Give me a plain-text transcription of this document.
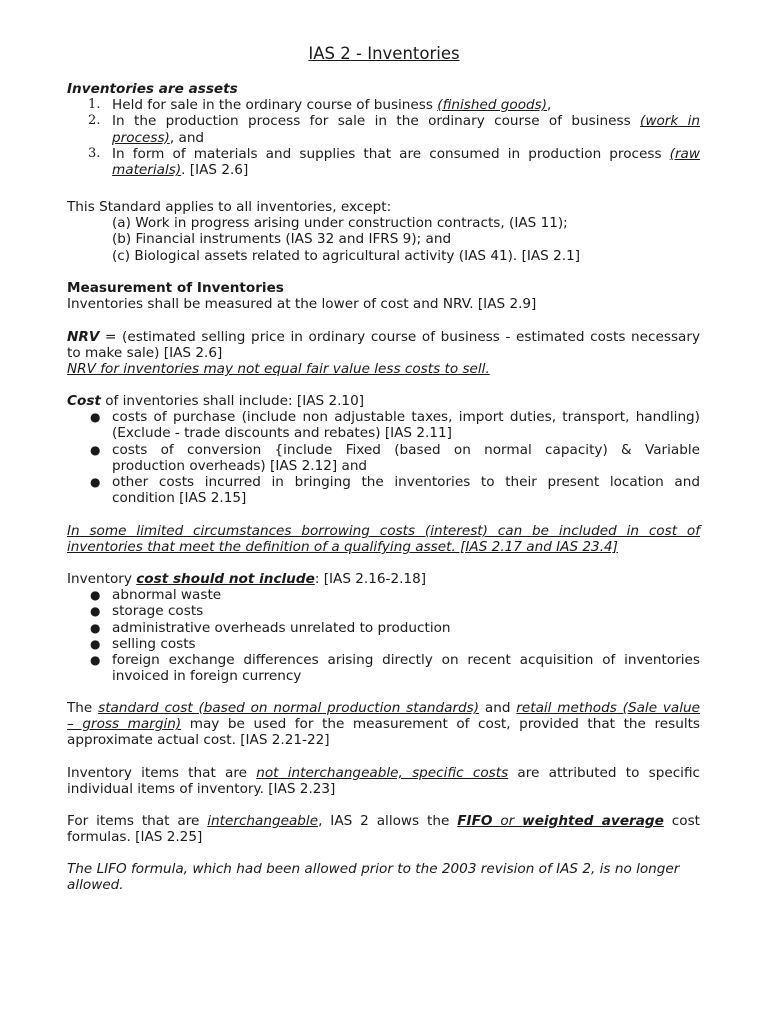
IAS 2 - Inventories

Inventories are assets

1. Held for sale in the ordinary course of business (finished goods),
2. In the production process for sale in the ordinary course of business (work in process), and
3. In form of materials and supplies that are consumed in production process (raw materials). [IAS 2.6]

This Standard applies to all inventories, except:

(a) Work in progress arising under construction contracts, (IAS 11);

(b) Financial instruments (IAS 32 and IFRS 9); and

(c) Biological assets related to agricultural activity (IAS 41). [IAS 2.1]

Measurement of Inventories

Inventories shall be measured at the lower of cost and NRV. [IAS 2.9]

NRV = (estimated selling price in ordinary course of business - estimated costs necessary

to make sale) [IAS 2.6]

NRV for inventories may not equal fair value less costs to sell.

Cost of inventories shall include: [IAS 2.10]

● costs of purchase (include non adjustable taxes, import duties, transport, handling)

(Exclude - trade discounts and rebates) [IAS 2.11]

● costs of conversion {include Fixed (based on normal capacity) & Variable

production overheads) [IAS 2.12] and

● other costs incurred in bringing the inventories to their present location and

condition [IAS 2.15]

In some limited circumstances borrowing costs (interest) can be included in cost of

inventories that meet the definition of a qualifying asset. [IAS 2.17 and IAS 23.4]

Inventory cost should not include: [IAS 2.16-2.18]

● abnormal waste
● storage costs
● administrative overheads unrelated to production
● selling costs
● foreign exchange differences arising directly on recent acquisition of inventories

invoiced in foreign currency

The standard cost (based on normal production standards) and retail methods (Sale value

– gross margin) may be used for the measurement of cost, provided that the results

approximate actual cost. [IAS 2.21-22]

Inventory items that are not interchangeable, specific costs are attributed to specific

individual items of inventory. [IAS 2.23]

For items that are interchangeable, IAS 2 allows the FIFO or weighted average cost

formulas. [IAS 2.25]

The LIFO formula, which had been allowed prior to the 2003 revision of IAS 2, is no longer

allowed.
